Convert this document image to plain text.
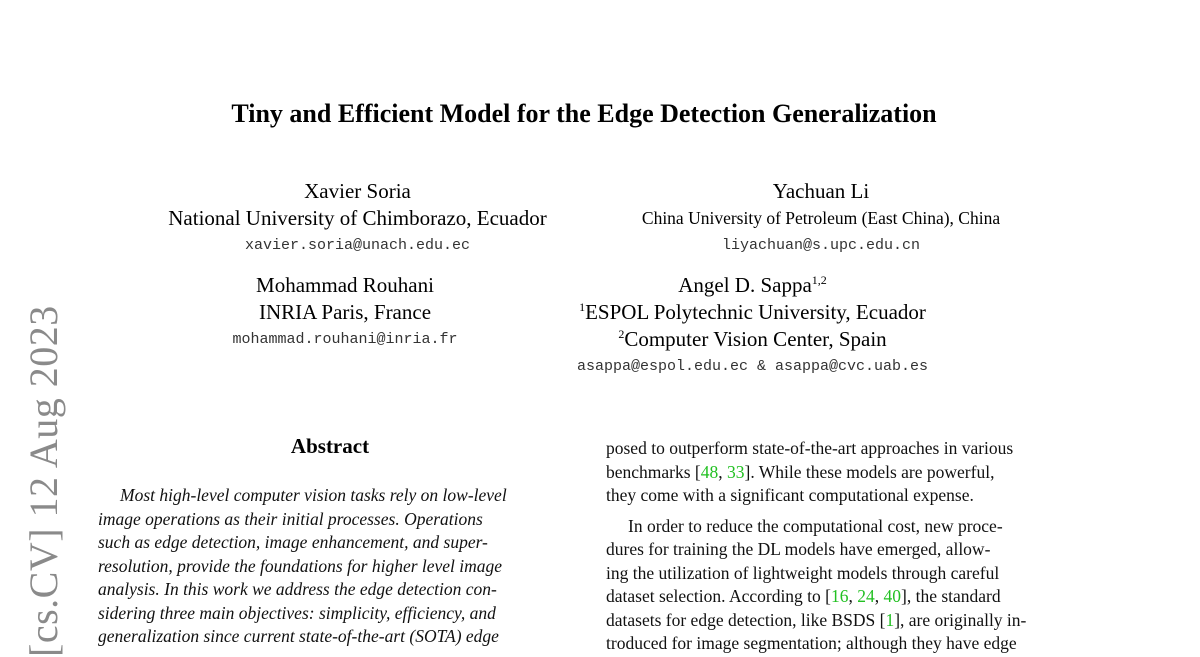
[cs.CV] 12 Aug 2023
Tiny and Efficient Model for the Edge Detection Generalization
Xavier Soria
National University of Chimborazo, Ecuador
xavier.soria@unach.edu.ec
Yachuan Li
China University of Petroleum (East China), China
liyachuan@s.upc.edu.cn
Mohammad Rouhani
INRIA Paris, France
mohammad.rouhani@inria.fr
Angel D. Sappa$^{1,2}$
$^1$ESPOL Polytechnic University, Ecuador
$^2$Computer Vision Center, Spain
asappa@espol.edu.ec & asappa@cvc.uab.es
Abstract

Most high-level computer vision tasks rely on low-level

image operations as their initial processes. Operations

such as edge detection, image enhancement, and super-

resolution, provide the foundations for higher level image

analysis. In this work we address the edge detection con-

sidering three main objectives: simplicity, efficiency, and

generalization since current state-of-the-art (SOTA) edge

posed to outperform state-of-the-art approaches in various

benchmarks [48, 33]. While these models are powerful,

they come with a significant computational expense.

In order to reduce the computational cost, new proce-

dures for training the DL models have emerged, allow-

ing the utilization of lightweight models through careful

dataset selection. According to [16, 24, 40], the standard

datasets for edge detection, like BSDS [1], are originally in-

troduced for image segmentation; although they have edge
